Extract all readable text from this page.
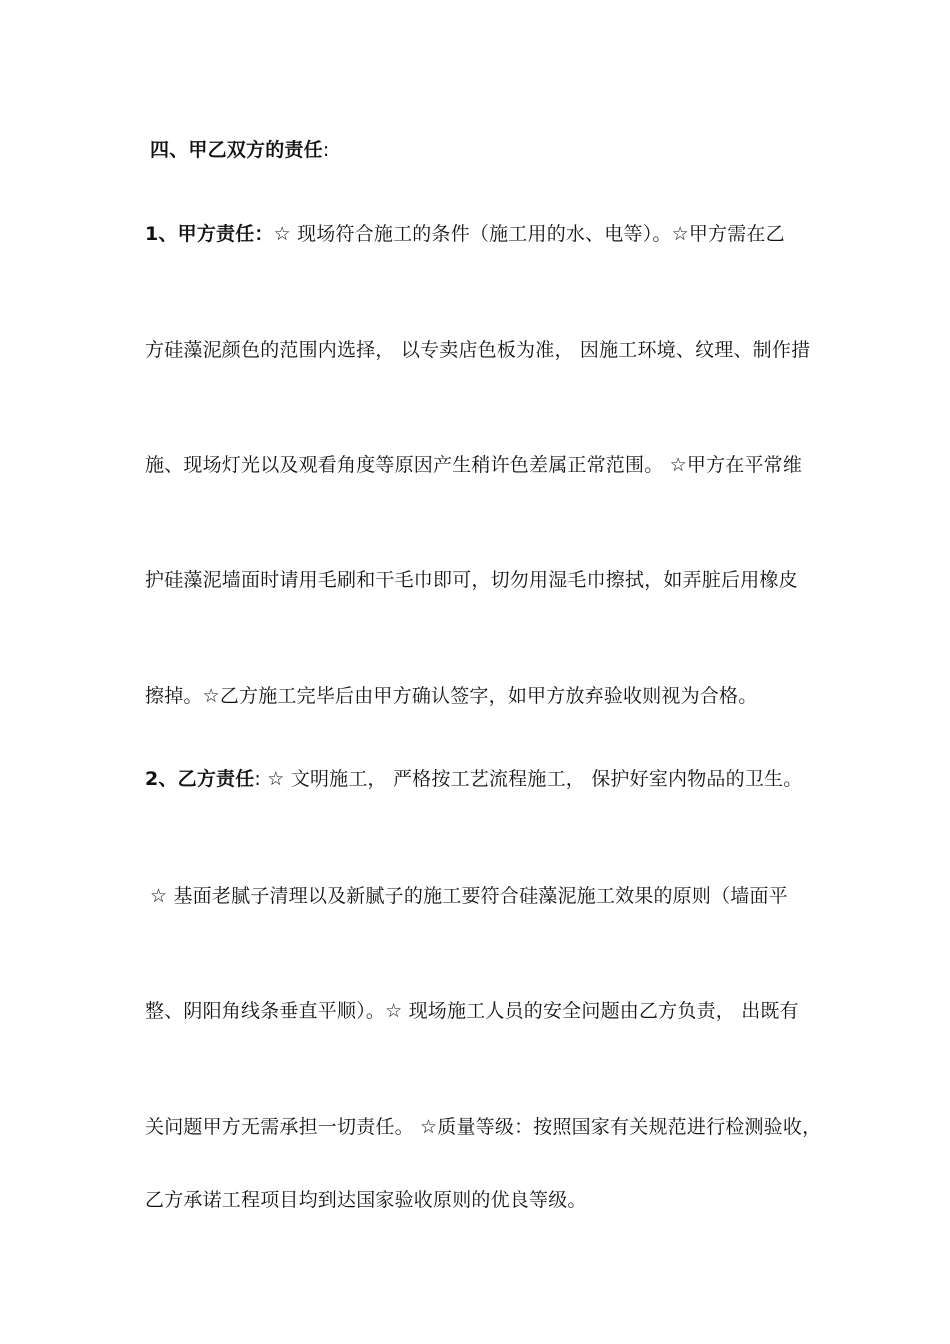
四、甲乙双方的责任:
1、甲方责任：☆ 现场符合施工的条件（施工用的水、电等）。☆甲方需在乙
方硅藻泥颜色的范围内选择， 以专卖店色板为准， 因施工环境、纹理、制作措
施、现场灯光以及观看角度等原因产生稍许色差属正常范围。 ☆甲方在平常维
护硅藻泥墙面时请用毛刷和干毛巾即可，切勿用湿毛巾擦拭，如弄脏后用橡皮
擦掉。☆乙方施工完毕后由甲方确认签字，如甲方放弃验收则视为合格。
2、乙方责任: ☆ 文明施工， 严格按工艺流程施工， 保护好室内物品的卫生。
☆ 基面老腻子清理以及新腻子的施工要符合硅藻泥施工效果的原则（墙面平
整、阴阳角线条垂直平顺）。☆ 现场施工人员的安全问题由乙方负责， 出既有
关问题甲方无需承担一切责任。 ☆质量等级：按照国家有关规范进行检测验收，
乙方承诺工程项目均到达国家验收原则的优良等级。
